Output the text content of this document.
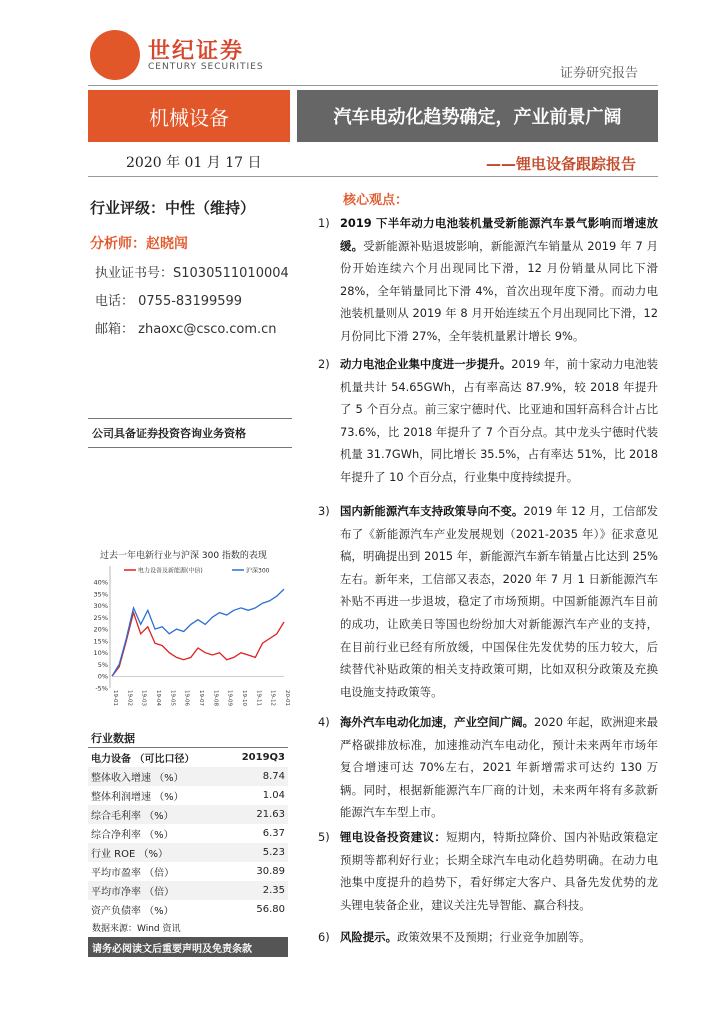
世纪证券
CENTURY SECURITIES	证券研究报告
机械设备	汽车电动化趋势确定，产业前景广阔
2020 年 01 月 17 日	——锂电设备跟踪报告
行业评级：中性（维持）
分析师：赵晓闯
执业证书号：S1030511010004
电话： 0755-83199599
邮箱： zhaoxc@csco.com.cn
公司具备证券投资咨询业务资格
过去一年电新行业与沪深 300 指数的表现
40%
35%
30%
25%
20%
15%
10%
5%
0%
-5%
19-01 19-02 19-03 19-04 19-05 19-06 19-07 19-08 19-09 19-10 19-11 19-12 20-01
电力设备及新能源(中信)	沪深300
行业数据	
电力设备 （可比口径）	2019Q3
整体收入增速 （%）	8.74
整体利润增速 （%）	1.04
综合毛利率 （%）	21.63
综合净利率 （%）	6.37
行业 ROE （%）	5.23
平均市盈率 （倍）	30.89
平均市净率 （倍）	2.35
资产负债率 （%）	56.80
数据来源：Wind 资讯
请务必阅读文后重要声明及免责条款
核心观点：
1) 2019 下半年动力电池装机量受新能源汽车景气影响而增速放缓。受新能源补贴退坡影响，新能源汽车销量从 2019 年 7 月份开始连续六个月出现同比下滑，12 月份销量从同比下滑 28%，全年销量同比下滑 4%，首次出现年度下滑。而动力电池装机量则从 2019 年 8 月开始连续五个月出现同比下滑，12 月份同比下滑 27%，全年装机量累计增长 9%。
2) 动力电池企业集中度进一步提升。2019 年，前十家动力电池装机量共计 54.65GWh，占有率高达 87.9%，较 2018 年提升了 5 个百分点。前三家宁德时代、比亚迪和国轩高科合计占比 73.6%，比 2018 年提升了 7 个百分点。其中龙头宁德时代装机量 31.7GWh，同比增长 35.5%，占有率达 51%，比 2018 年提升了 10 个百分点，行业集中度持续提升。
3) 国内新能源汽车支持政策导向不变。2019 年 12 月，工信部发布了《新能源汽车产业发展规划（2021-2035 年）》征求意见稿，明确提出到 2015 年，新能源汽车新车销量占比达到 25%左右。新年来，工信部又表态，2020 年 7 月 1 日新能源汽车补贴不再进一步退坡，稳定了市场预期。中国新能源汽车目前的成功，让欧美日等国也纷纷加大对新能源汽车产业的支持，在目前行业已经有所放缓，中国保住先发优势的压力较大，后续替代补贴政策的相关支持政策可期，比如双积分政策及充换电设施支持政策等。
4) 海外汽车电动化加速，产业空间广阔。2020 年起，欧洲迎来最严格碳排放标准，加速推动汽车电动化，预计未来两年市场年复合增速可达 70%左右，2021 年新增需求可达约 130 万辆。同时，根据新能源汽车厂商的计划，未来两年将有多款新能源汽车车型上市。
5) 锂电设备投资建议：短期内，特斯拉降价、国内补贴政策稳定预期等都利好行业；长期全球汽车电动化趋势明确。在动力电池集中度提升的趋势下，看好绑定大客户、具备先发优势的龙头锂电装备企业，建议关注先导智能、赢合科技。
6) 风险提示。政策效果不及预期；行业竞争加剧等。
